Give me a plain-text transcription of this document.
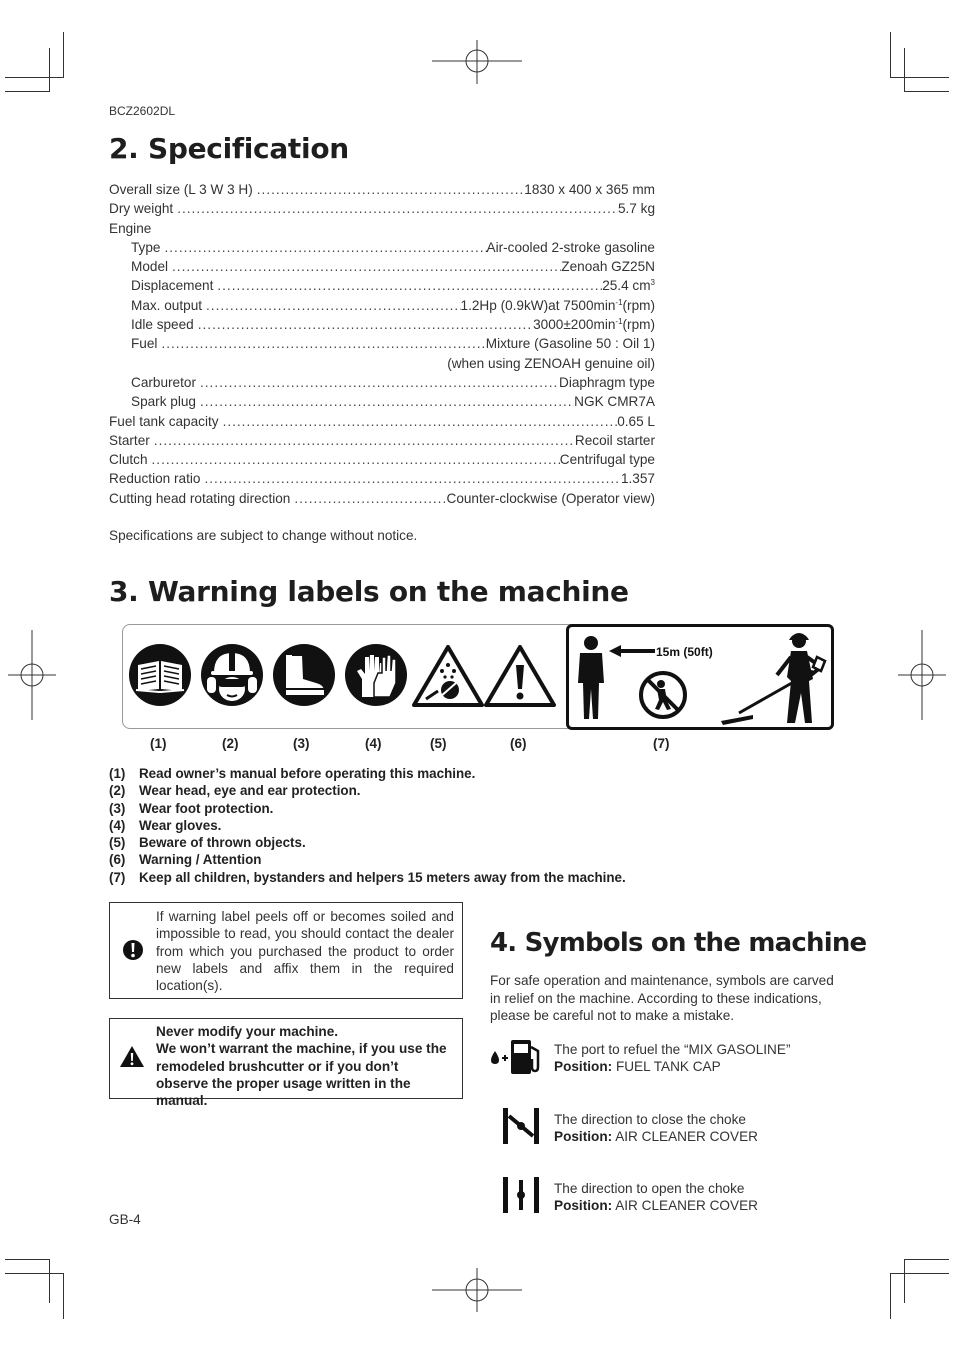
BCZ2602DL
2. Specification
Overall size (L 3 W 3 H) .....	1830 x 400 x 365 mm
Dry weight .....	5.7 kg
Engine
Type .....	Air-cooled 2-stroke gasoline
Model .....	Zenoah GZ25N
Displacement .....	25.4 $cm^3$
Max. output .....	1.2Hp (0.9kW)at $7500\min^{-1}(rpm)$
Idle speed .....	$3000\pm 200\min^{-1}(rpm)$
Fuel .....	Mixture (Gasoline 50 : Oil 1)
(when using ZENOAH genuine oil)
Carburetor .....	Diaphragm type
Spark plug .....	NGK CMR7A
Fuel tank capacity .....	0.65 L
Starter .....	Recoil starter
Clutch .....	Centrifugal type
Reduction ratio .....	1.357
Cutting head rotating direction .....	Counter-clockwise (Operator view)
Specifications are subject to change without notice.
3. Warning labels on the machine
15m (50ft)
(1)	(2)	(3)	(4)	(5)	(6)	(7)
(1) Read owner’s manual before operating this machine.
(2) Wear head, eye and ear protection.
(3) Wear foot protection.
(4) Wear gloves.
(5) Beware of thrown objects.
(6) Warning / Attention
(7) Keep all children, bystanders and helpers 15 meters away from the machine.
If warning label peels off or becomes soiled and impossible to read, you should contact the dealer from which you purchased the product to order new labels and affix them in the required location(s).
Never modify your machine.
We won’t warrant the machine, if you use the remodeled brushcutter or if you don’t observe the proper usage written in the manual.
4. Symbols on the machine
For safe operation and maintenance, symbols are carved in relief on the machine. According to these indications, please be careful not to make a mistake.
The port to refuel the “MIX GASOLINE”
Position: FUEL TANK CAP
The direction to close the choke
Position: AIR CLEANER COVER
The direction to open the choke
Position: AIR CLEANER COVER
GB-4
